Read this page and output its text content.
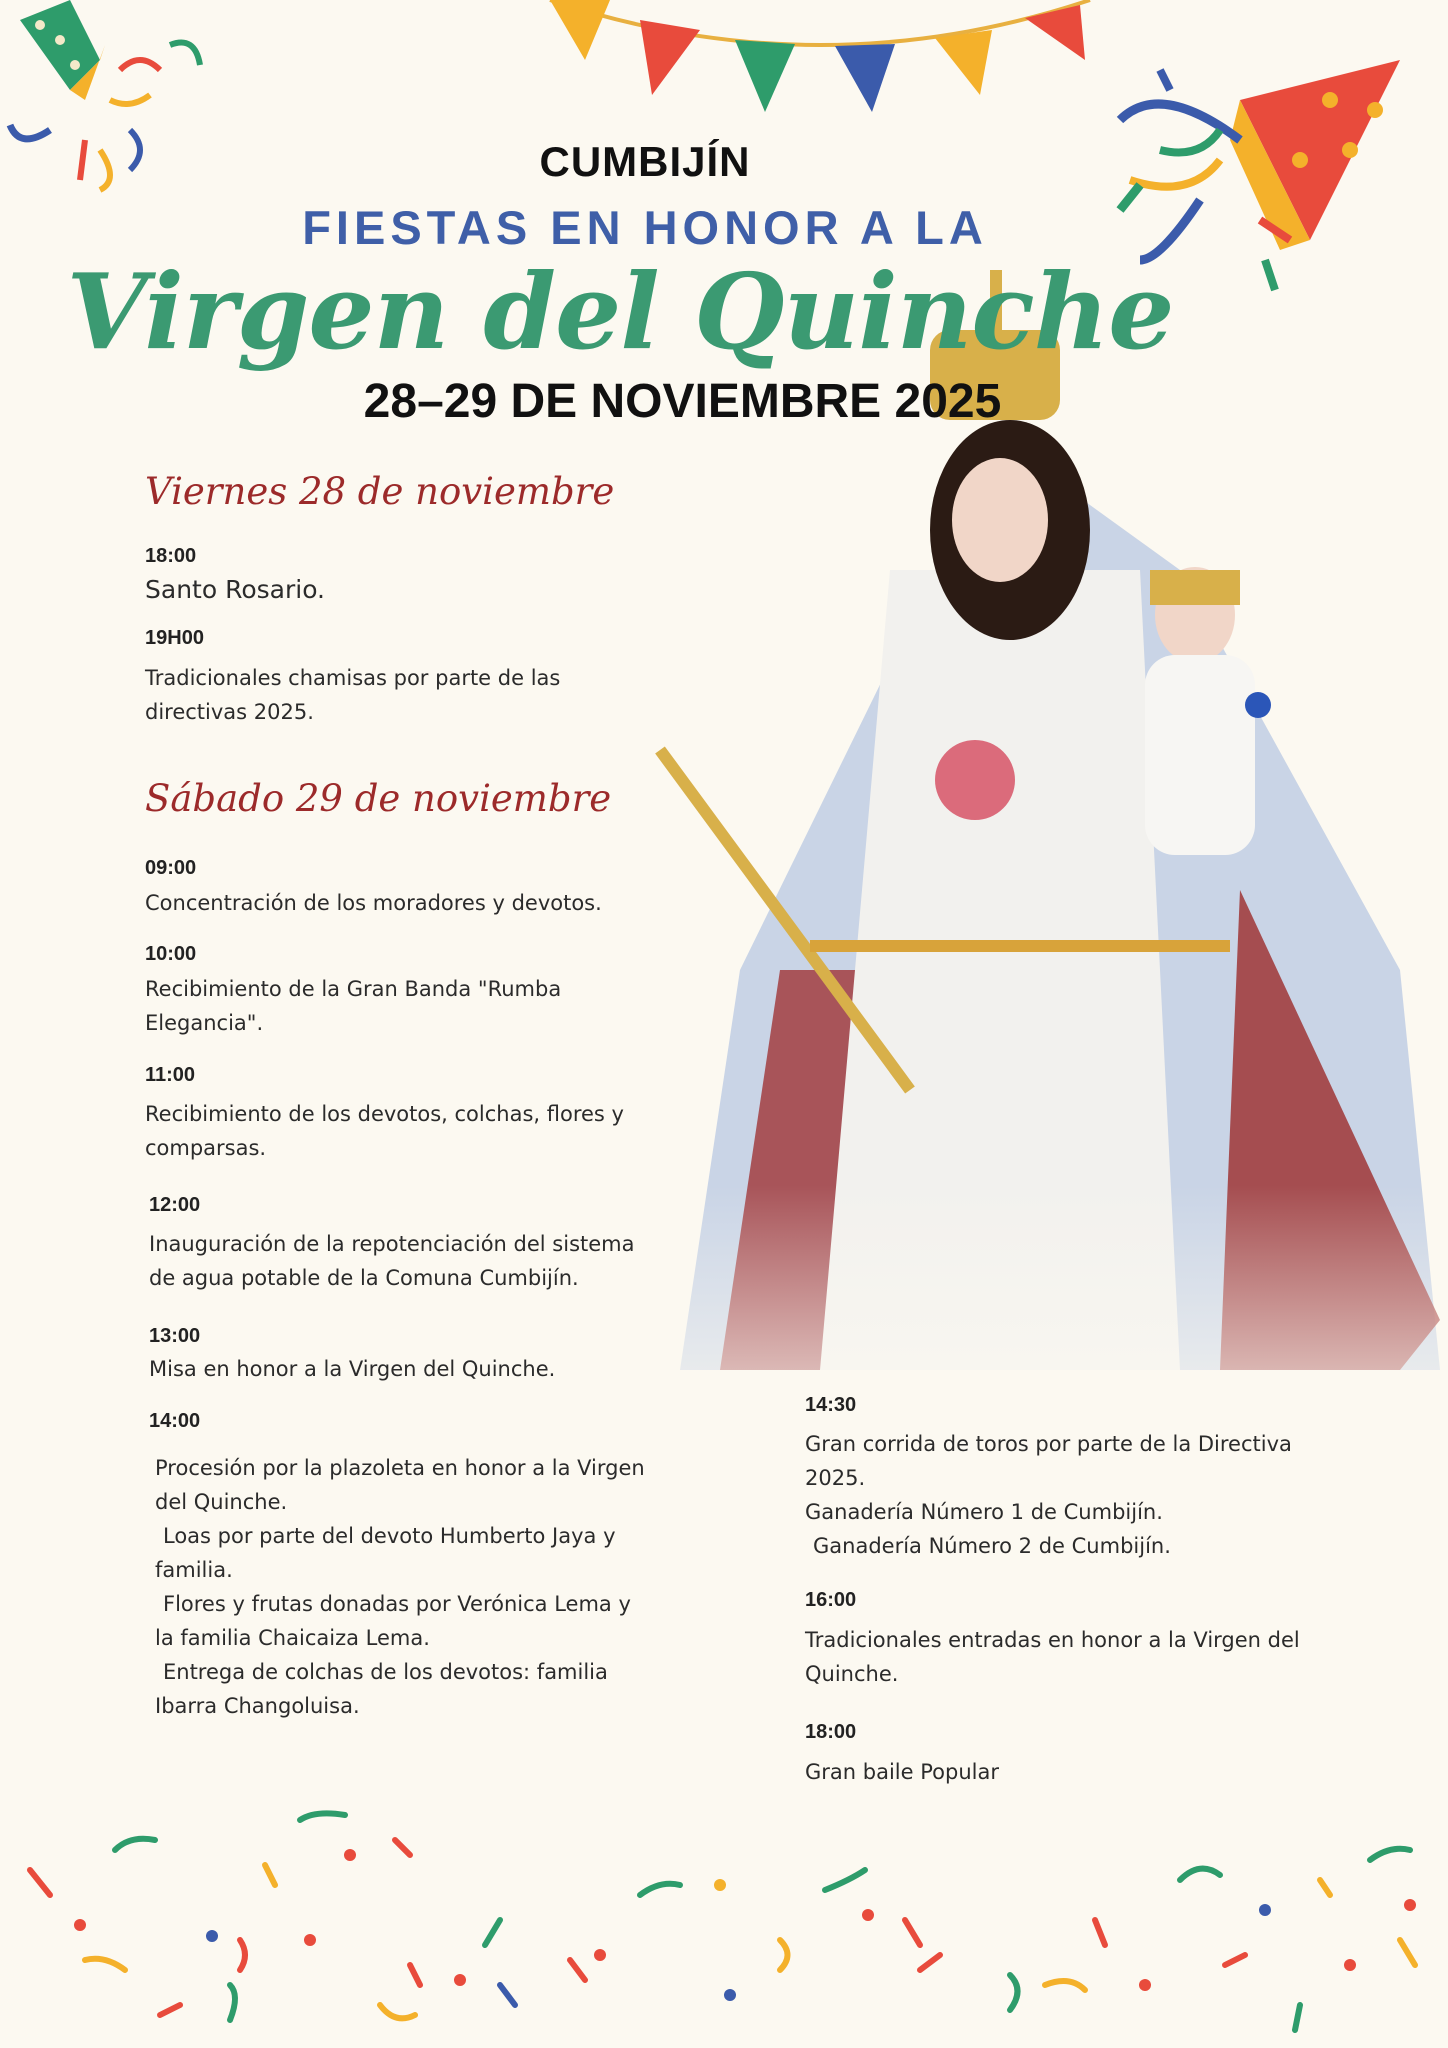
CUMBIJÍN
FIESTAS EN HONOR A LA
Virgen del Quinche
28–29 DE NOVIEMBRE 2025
Viernes 28 de noviembre
18:00
Santo Rosario.
19H00
Tradicionales chamisas por parte de las
directivas 2025.
Sábado 29 de noviembre
09:00
Concentración de los moradores y devotos.
10:00
Recibimiento de la Gran Banda "Rumba
Elegancia".
11:00
Recibimiento de los devotos, colchas, flores y
comparsas.
12:00
Inauguración de la repotenciación del sistema
de agua potable de la Comuna Cumbijín.
13:00
Misa en honor a la Virgen del Quinche.
14:00
Procesión por la plazoleta en honor a la Virgen
del Quinche.
Loas por parte del devoto Humberto Jaya y
familia.
Flores y frutas donadas por Verónica Lema y
la familia Chaicaiza Lema.
Entrega de colchas de los devotos: familia
Ibarra Changoluisa.
14:30
Gran corrida de toros por parte de la Directiva
2025.
Ganadería Número 1 de Cumbijín.
Ganadería Número 2 de Cumbijín.
16:00
Tradicionales entradas en honor a la Virgen del
Quinche.
18:00
Gran baile Popular
